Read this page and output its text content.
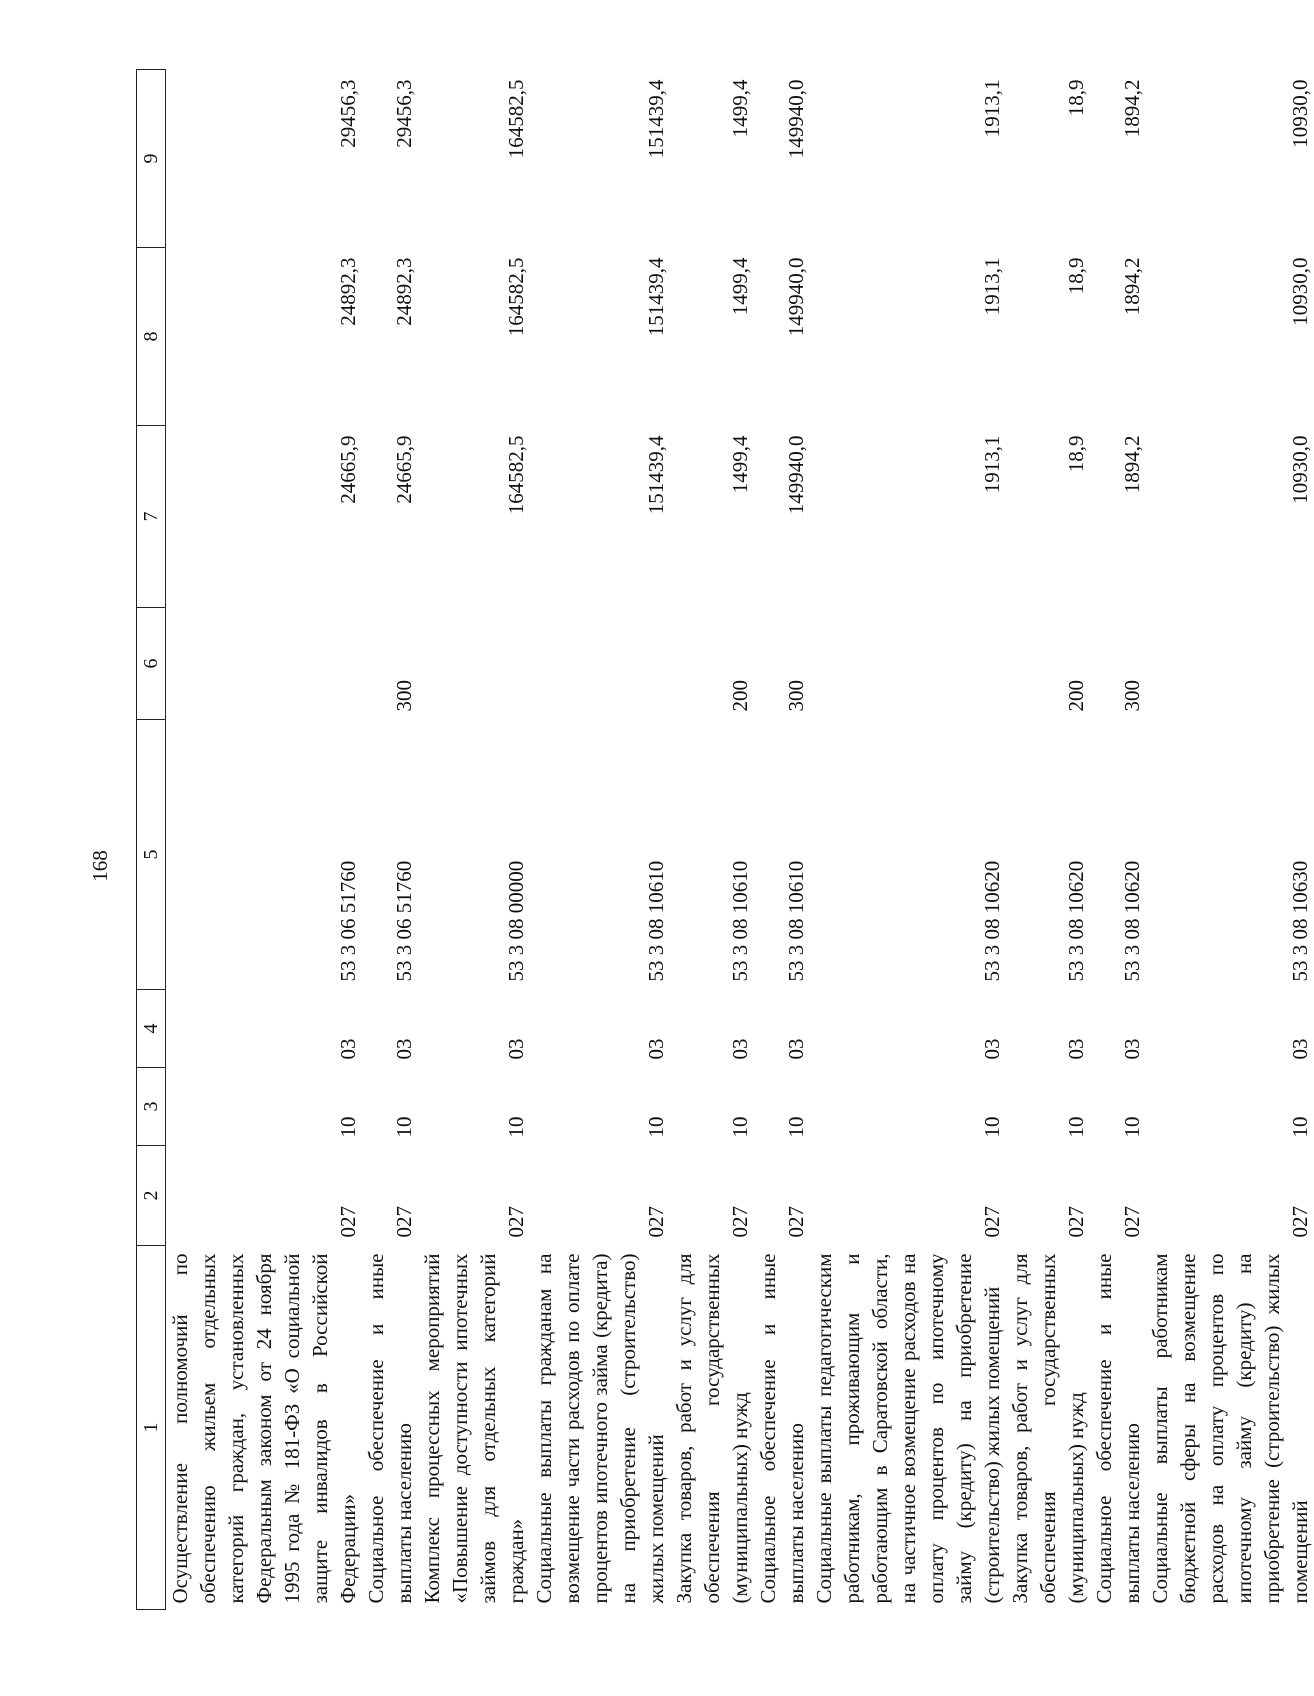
168
1	2	3	4	5	6	7	8	9
Осуществление полномочий по обеспечению жильем отдельных категорий граждан, установленных Федеральным законом от 24 ноября 1995 года № 181-ФЗ «О социальной защите инвалидов в Российской Федерации»	027	10	03	53 3 06 51760		24665,9	24892,3	29456,3
Социальное обеспечение и иные выплаты населению	027	10	03	53 3 06 51760	300	24665,9	24892,3	29456,3
Комплекс процессных мероприятий «Повышение доступности ипотечных займов для отдельных категорий граждан»	027	10	03	53 3 08 00000		164582,5	164582,5	164582,5
Социальные выплаты гражданам на возмещение части расходов по оплате процентов ипотечного займа (кредита) на приобретение (строительство) жилых помещений	027	10	03	53 3 08 10610		151439,4	151439,4	151439,4
Закупка товаров, работ и услуг для обеспечения государственных (муниципальных) нужд	027	10	03	53 3 08 10610	200	1499,4	1499,4	1499,4
Социальное обеспечение и иные выплаты населению	027	10	03	53 3 08 10610	300	149940,0	149940,0	149940,0
Социальные выплаты педагогическим работникам, проживающим и работающим в Саратовской области, на частичное возмещение расходов на оплату процентов по ипотечному займу (кредиту) на приобретение (строительство) жилых помещений	027	10	03	53 3 08 10620		1913,1	1913,1	1913,1
Закупка товаров, работ и услуг для обеспечения государственных (муниципальных) нужд	027	10	03	53 3 08 10620	200	18,9	18,9	18,9
Социальное обеспечение и иные выплаты населению	027	10	03	53 3 08 10620	300	1894,2	1894,2	1894,2
Социальные выплаты работникам бюджетной сферы на возмещение расходов на оплату процентов по ипотечному займу (кредиту) на приобретение (строительство) жилых помещений	027	10	03	53 3 08 10630		10930,0	10930,0	10930,0
